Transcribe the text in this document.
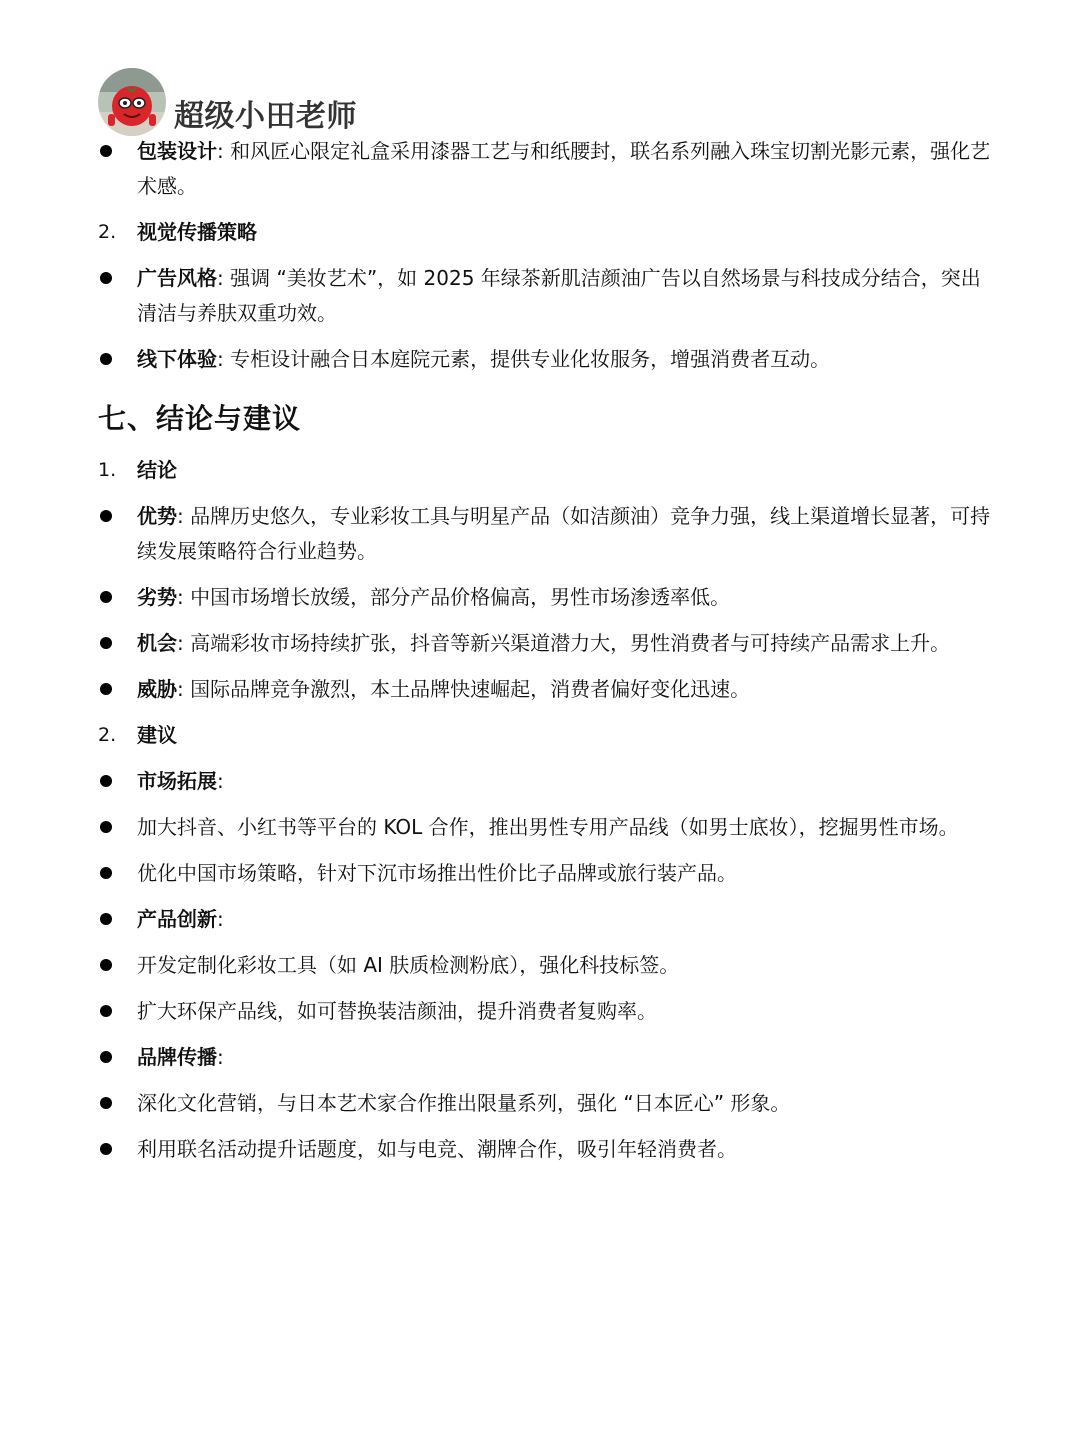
超级小田老师
包装设计: 和风匠心限定礼盒采用漆器工艺与和纸腰封，联名系列融入珠宝切割光影元素，强化艺术感。
2.	视觉传播策略
广告风格: 强调 “美妆艺术”，如 2025 年绿茶新肌洁颜油广告以自然场景与科技成分结合，突出清洁与养肤双重功效。
线下体验: 专柜设计融合日本庭院元素，提供专业化妆服务，增强消费者互动。
七、结论与建议
1.	结论
优势: 品牌历史悠久，专业彩妆工具与明星产品（如洁颜油）竞争力强，线上渠道增长显著，可持续发展策略符合行业趋势。
劣势: 中国市场增长放缓，部分产品价格偏高，男性市场渗透率低。
机会: 高端彩妆市场持续扩张，抖音等新兴渠道潜力大，男性消费者与可持续产品需求上升。
威胁: 国际品牌竞争激烈，本土品牌快速崛起，消费者偏好变化迅速。
2.	建议
市场拓展:
加大抖音、小红书等平台的 KOL 合作，推出男性专用产品线（如男士底妆），挖掘男性市场。
优化中国市场策略，针对下沉市场推出性价比子品牌或旅行装产品。
产品创新:
开发定制化彩妆工具（如 AI 肤质检测粉底），强化科技标签。
扩大环保产品线，如可替换装洁颜油，提升消费者复购率。
品牌传播:
深化文化营销，与日本艺术家合作推出限量系列，强化 “日本匠心” 形象。
利用联名活动提升话题度，如与电竞、潮牌合作，吸引年轻消费者。
